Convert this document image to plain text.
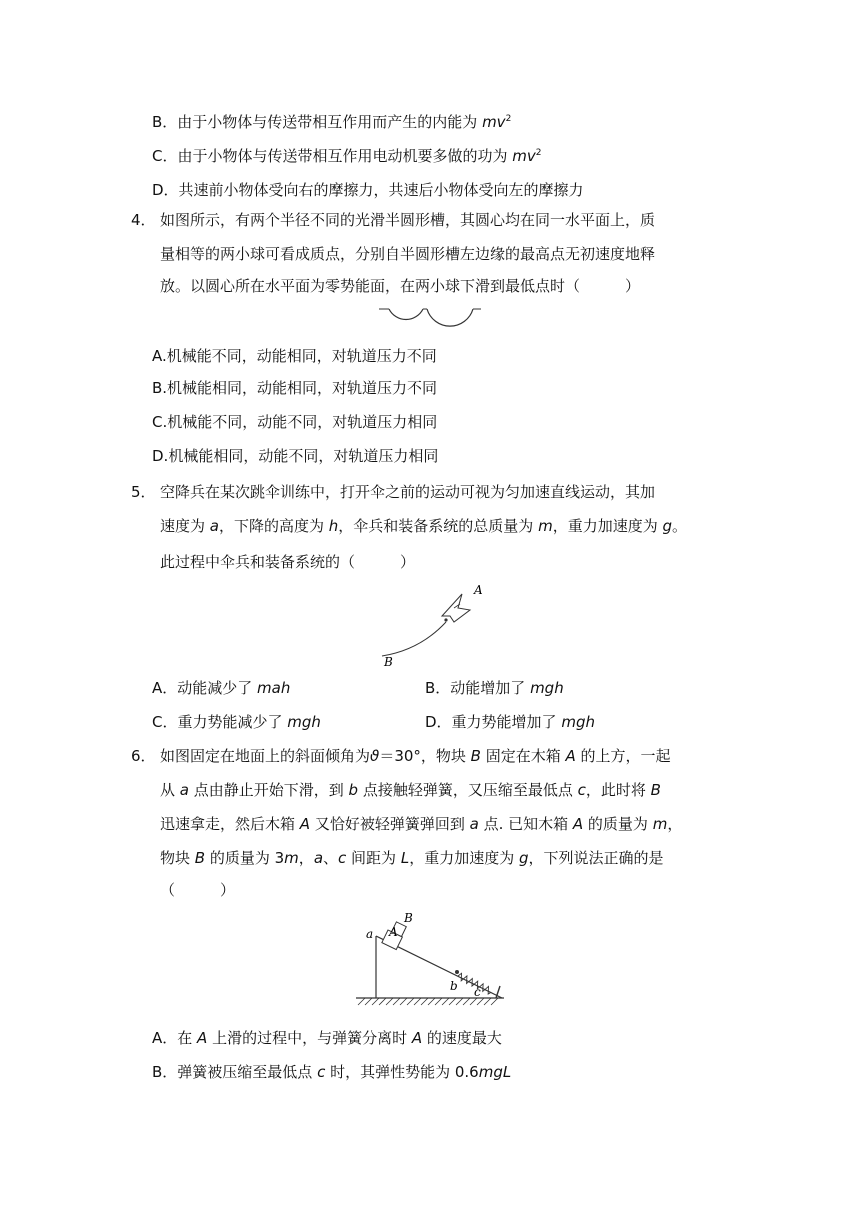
B．由于小物体与传送带相互作用而产生的内能为 $mv^2$
C．由于小物体与传送带相互作用电动机要多做的功为 $mv^2$
D．共速前小物体受向右的摩擦力，共速后小物体受向左的摩擦力
4． 如图所示，有两个半径不同的光滑半圆形槽，其圆心均在同一水平面上，质
量相等的两小球可看成质点，分别自半圆形槽左边缘的最高点无初速度地释
放。以圆心所在水平面为零势能面，在两小球下滑到最低点时（　　　）
A.机械能不同，动能相同，对轨道压力不同
B.机械能相同，动能相同，对轨道压力不同
C.机械能不同，动能不同，对轨道压力相同
D.机械能相同，动能不同，对轨道压力相同
5． 空降兵在某次跳伞训练中，打开伞之前的运动可视为匀加速直线运动，其加
速度为 a，下降的高度为 h，伞兵和装备系统的总质量为 m，重力加速度为 g。
此过程中伞兵和装备系统的（　　　）
A
B
A．动能减少了 mah	B．动能增加了 mgh
C．重力势能减少了 mgh	D．重力势能增加了 mgh
6． 如图固定在地面上的斜面倾角为ϑ＝30°，物块 B 固定在木箱 A 的上方，一起
从 a 点由静止开始下滑，到 b 点接触轻弹簧，又压缩至最低点 c，此时将 B
迅速拿走，然后木箱 A 又恰好被轻弹簧弹回到 a 点. 已知木箱 A 的质量为 m，
物块 B 的质量为 3m，a、c 间距为 L，重力加速度为 g，下列说法正确的是
（　　　）
a A
B
b c
A．在 A 上滑的过程中，与弹簧分离时 A 的速度最大
B．弹簧被压缩至最低点 c 时，其弹性势能为 0.6mgL
